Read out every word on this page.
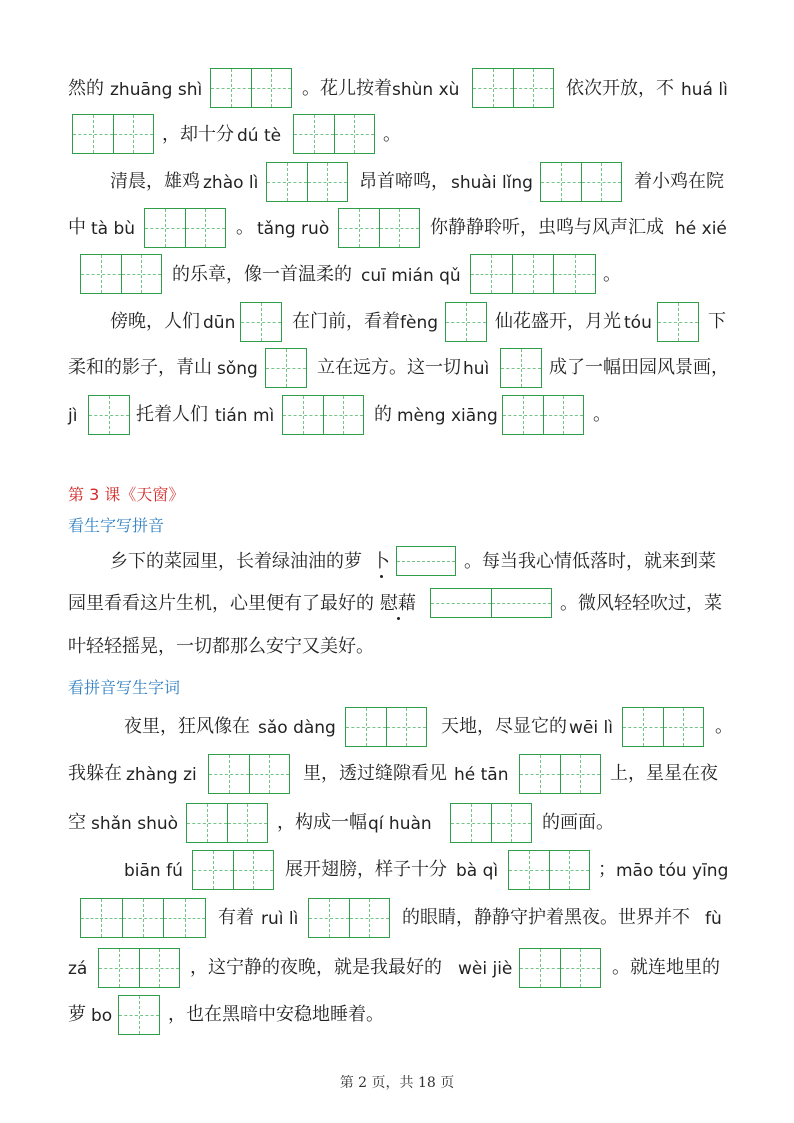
然的 zhuāng shì	。花儿按着 shùn xù	依次开放，不 huá lì
，却十分 dú tè	。
清晨，雄鸡 zhào lì	昂首啼鸣， shuài lǐng	着小鸡在院
中 tà bù	。 tǎng ruò	你静静聆听，虫鸣与风声汇成 hé xié
的乐章，像一首温柔的 cuī mián qǔ	。
傍晚，人们 dūn	在门前，看着 fèng	仙花盛开，月光 tóu	下
柔和的影子，青山 sǒng	立在远方。这一切 huì	成了一幅田园风景画，
jì	托着人们 tián mì	的 mèng xiāng	。
第 3 课《天窗》
看生字写拼音
乡下的菜园里，长着绿油油的萝 卜	。每当我心情低落时，就来到菜
园里看看这片生机，心里便有了最好的 慰藉	。微风轻轻吹过，菜
叶轻轻摇晃，一切都那么安宁又美好。
看拼音写生字词
夜里，狂风像在 sǎo dàng	天地，尽显它的 wēi lì	。
我躲在 zhàng zi	里，透过缝隙看见 hé tān	上，星星在夜
空 shǎn shuò	，构成一幅 qí huàn	的画面。
biān fú	展开翅膀，样子十分 bà qì	； māo tóu yīng
有着 ruì lì	的眼睛，静静守护着黑夜。世界并不 fù
zá	，这宁静的夜晚，就是我最好的 wèi jiè	。就连地里的
萝 bo	，也在黑暗中安稳地睡着。
第 2 页，共 18 页
